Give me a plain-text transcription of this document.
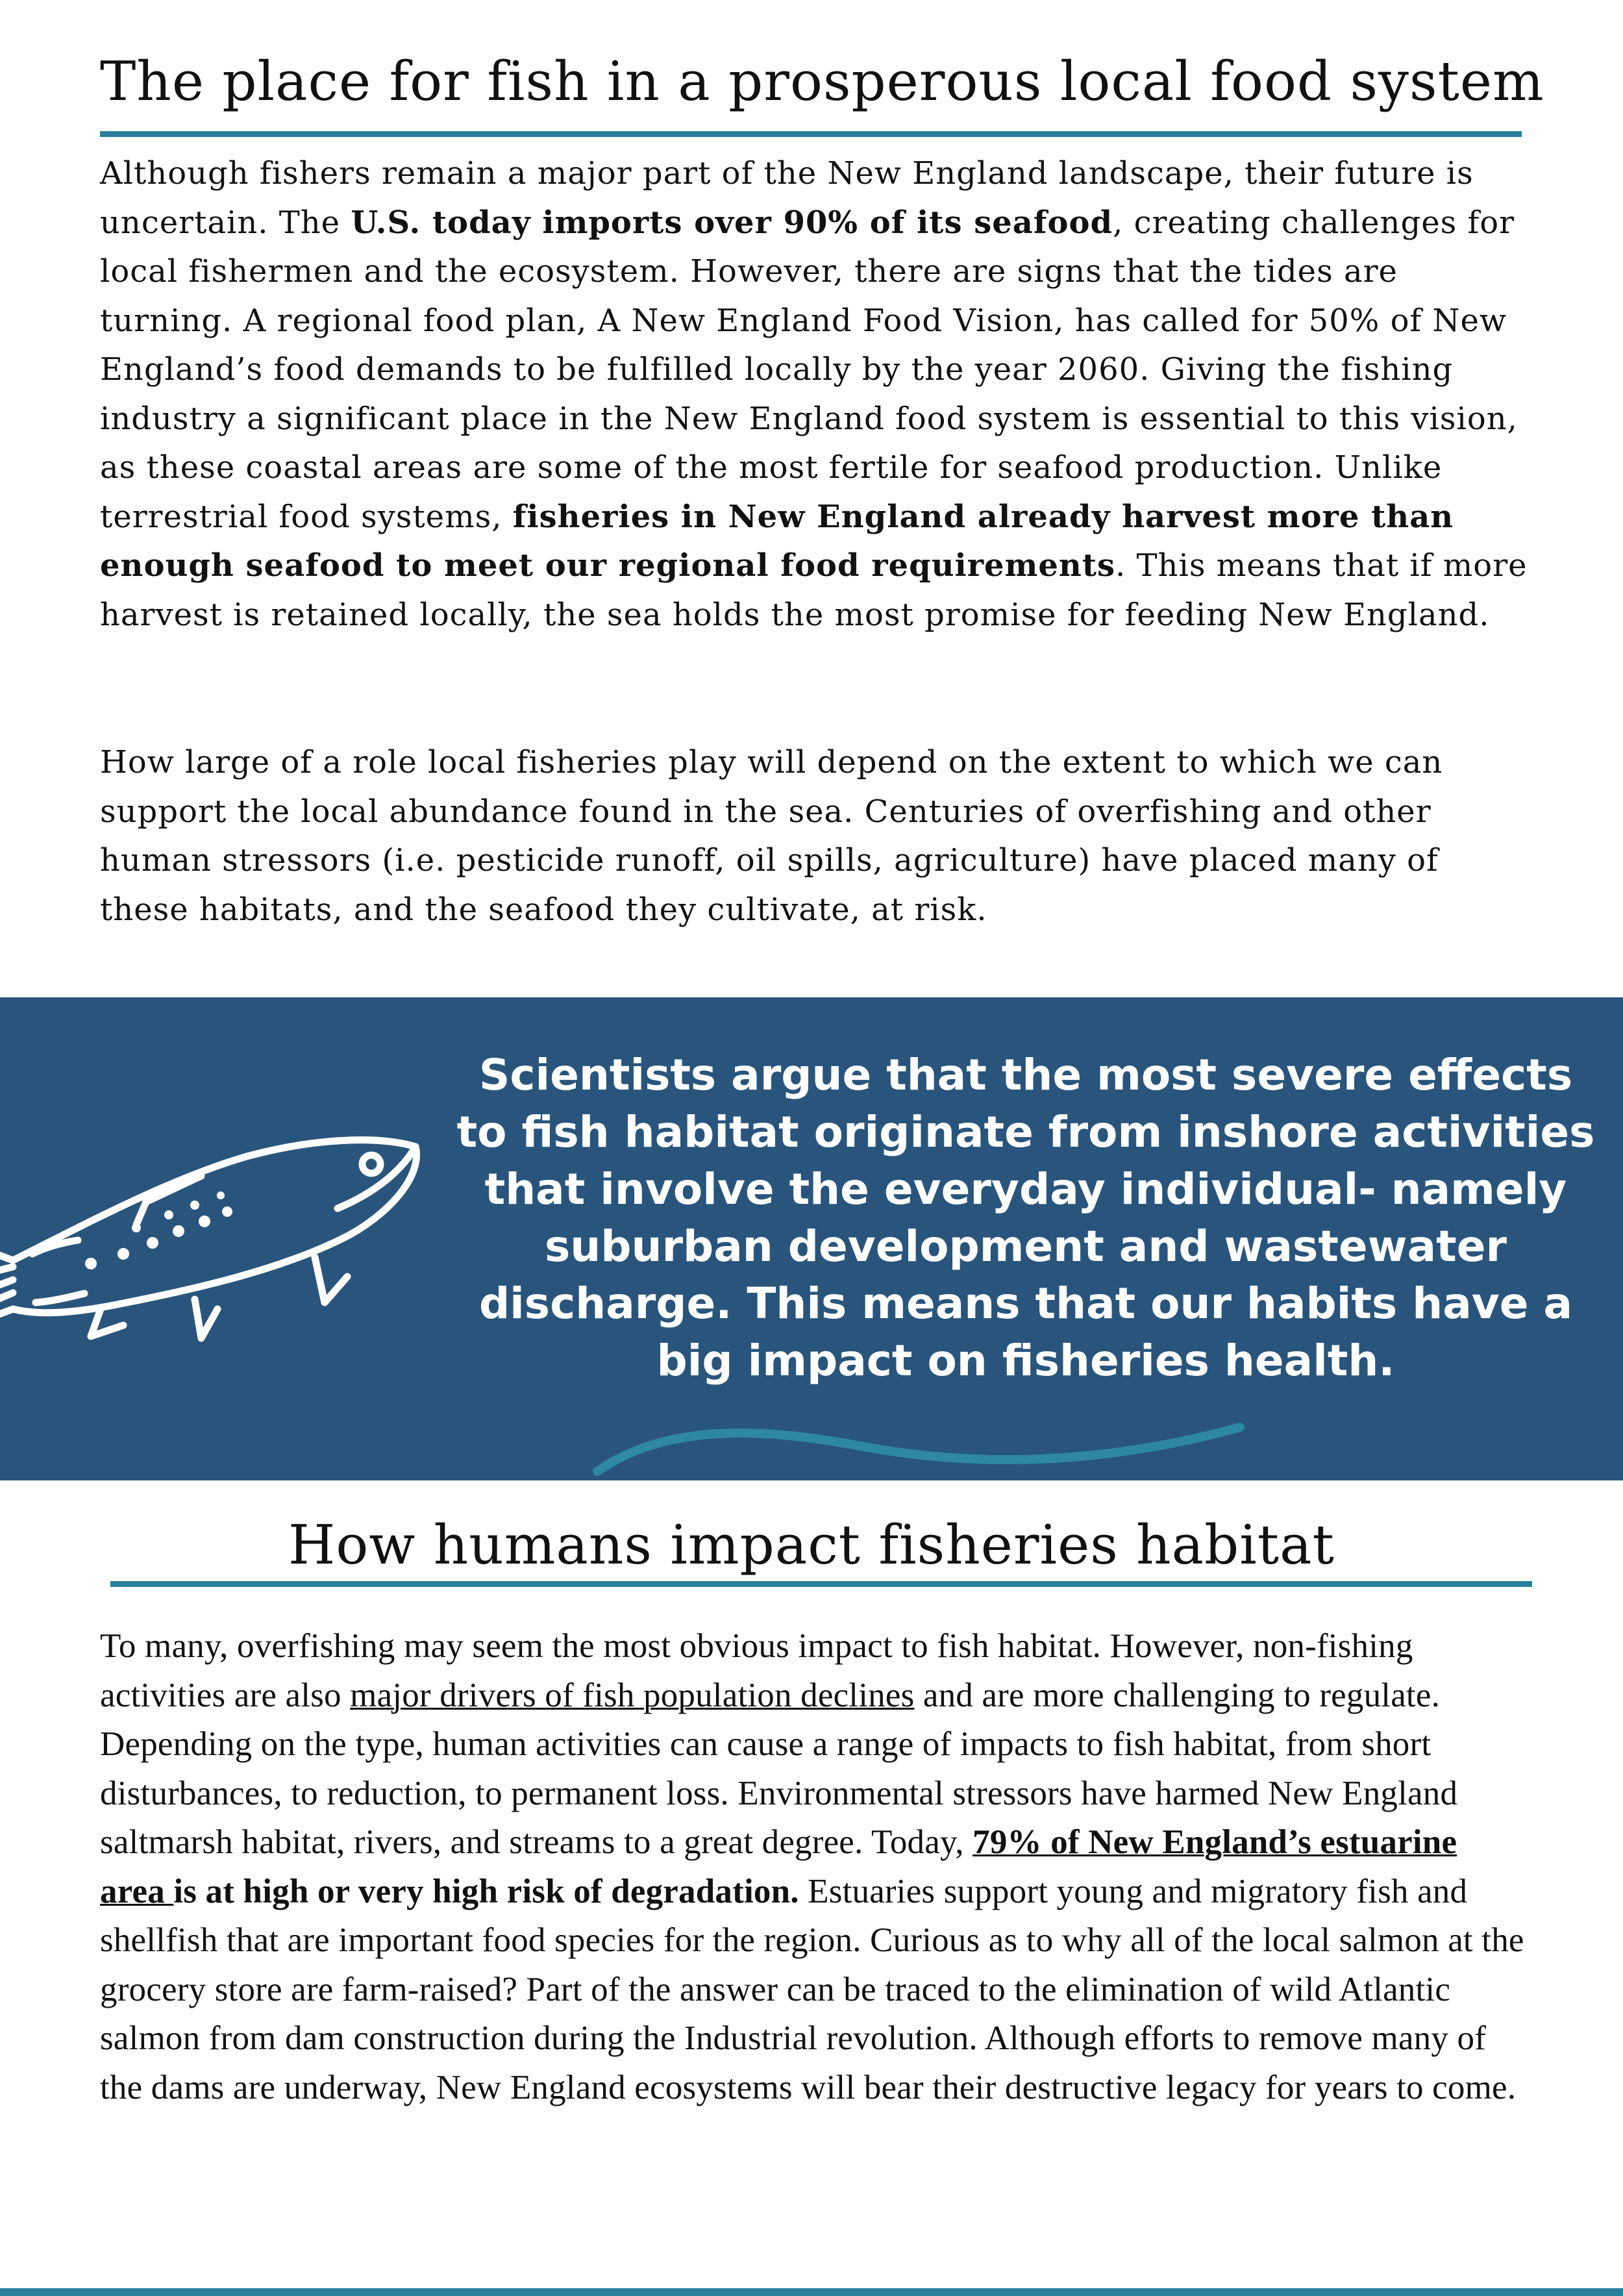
The place for fish in a prosperous local food system

Although fishers remain a major part of the New England landscape, their future is uncertain. The U.S. today imports over 90% of its seafood, creating challenges for local fishermen and the ecosystem. However, there are signs that the tides are turning. A regional food plan, A New England Food Vision, has called for 50% of New England’s food demands to be fulfilled locally by the year 2060. Giving the fishing industry a significant place in the New England food system is essential to this vision, as these coastal areas are some of the most fertile for seafood production. Unlike terrestrial food systems, fisheries in New England already harvest more than enough seafood to meet our regional food requirements. This means that if more harvest is retained locally, the sea holds the most promise for feeding New England.

How large of a role local fisheries play will depend on the extent to which we can support the local abundance found in the sea. Centuries of overfishing and other human stressors (i.e. pesticide runoff, oil spills, agriculture) have placed many of these habitats, and the seafood they cultivate, at risk.

Scientists argue that the most severe effects to fish habitat originate from inshore activities that involve the everyday individual- namely suburban development and wastewater discharge. This means that our habits have a big impact on fisheries health.

How humans impact fisheries habitat

To many, overfishing may seem the most obvious impact to fish habitat. However, non-fishing activities are also major drivers of fish population declines and are more challenging to regulate. Depending on the type, human activities can cause a range of impacts to fish habitat, from short disturbances, to reduction, to permanent loss. Environmental stressors have harmed New England saltmarsh habitat, rivers, and streams to a great degree. Today, 79% of New England’s estuarine area is at high or very high risk of degradation. Estuaries support young and migratory fish and shellfish that are important food species for the region. Curious as to why all of the local salmon at the grocery store are farm-raised? Part of the answer can be traced to the elimination of wild Atlantic salmon from dam construction during the Industrial revolution. Although efforts to remove many of the dams are underway, New England ecosystems will bear their destructive legacy for years to come.
